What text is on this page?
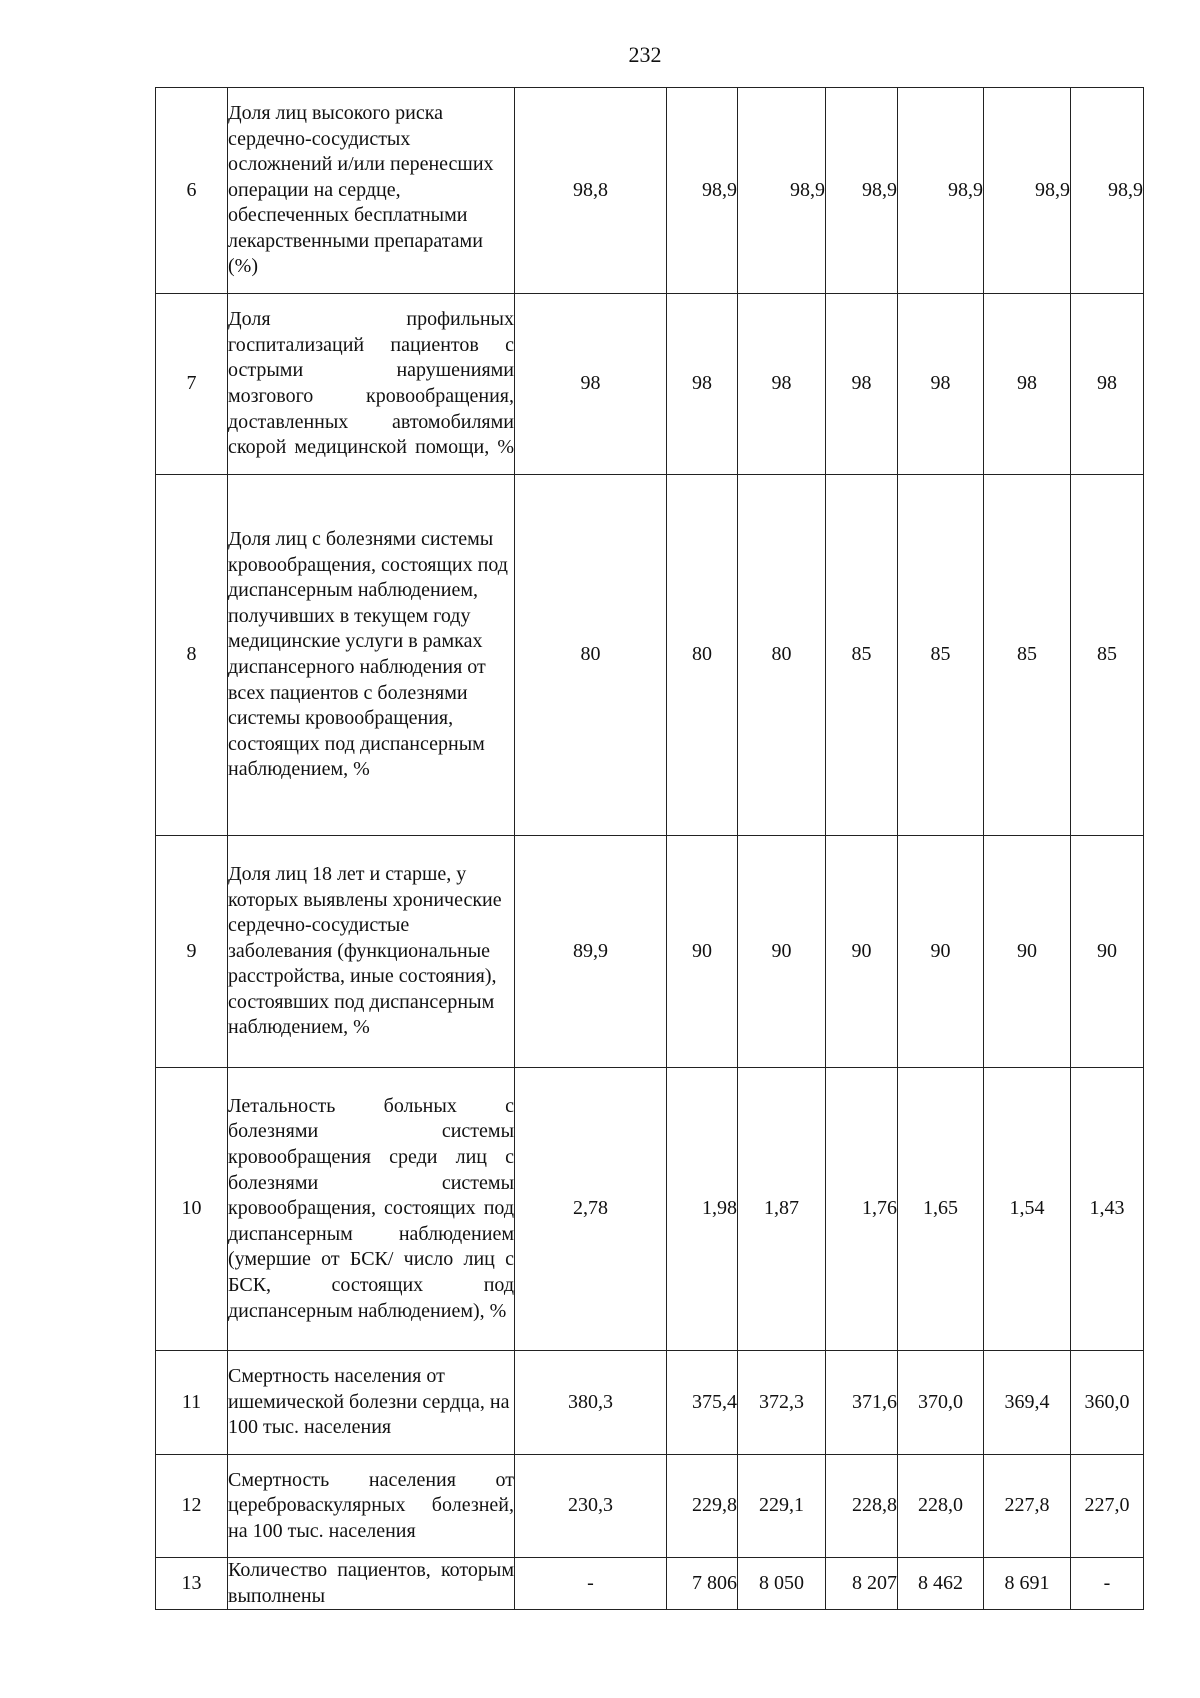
232
6	Доля лиц высокого риска сердечно-сосудистых осложнений и/или перенесших операции на сердце, обеспеченных бесплатными лекарственными препаратами (%)	98,8	98,9	98,9	98,9	98,9	98,9	98,9
7	Доля профильных госпитализаций пациентов с острыми нарушениями мозгового кровообращения, доставленных автомобилями скорой медицинской помощи, %	98	98	98	98	98	98	98
8	Доля лиц с болезнями системы кровообращения, состоящих под диспансерным наблюдением, получивших в текущем году медицинские услуги в рамках диспансерного наблюдения от всех пациентов с болезнями системы кровообращения, состоящих под диспансерным наблюдением, %	80	80	80	85	85	85	85
9	Доля лиц 18 лет и старше, у которых выявлены хронические сердечно-сосудистые заболевания (функциональные расстройства, иные состояния), состоявших под диспансерным наблюдением, %	89,9	90	90	90	90	90	90
10	Летальность больных с болезнями системы кровообращения среди лиц с болезнями системы кровообращения, состоящих под диспансерным наблюдением (умершие от БСК/ число лиц с БСК, состоящих под диспансерным наблюдением), %	2,78	1,98	1,87	1,76	1,65	1,54	1,43
11	Смертность населения от ишемической болезни сердца, на 100 тыс. населения	380,3	375,4	372,3	371,6	370,0	369,4	360,0
12	Смертность населения от цереброваскулярных болезней, на 100 тыс. населения	230,3	229,8	229,1	228,8	228,0	227,8	227,0
13	Количество пациентов, которым выполнены	-	7 806	8 050	8 207	8 462	8 691	-
